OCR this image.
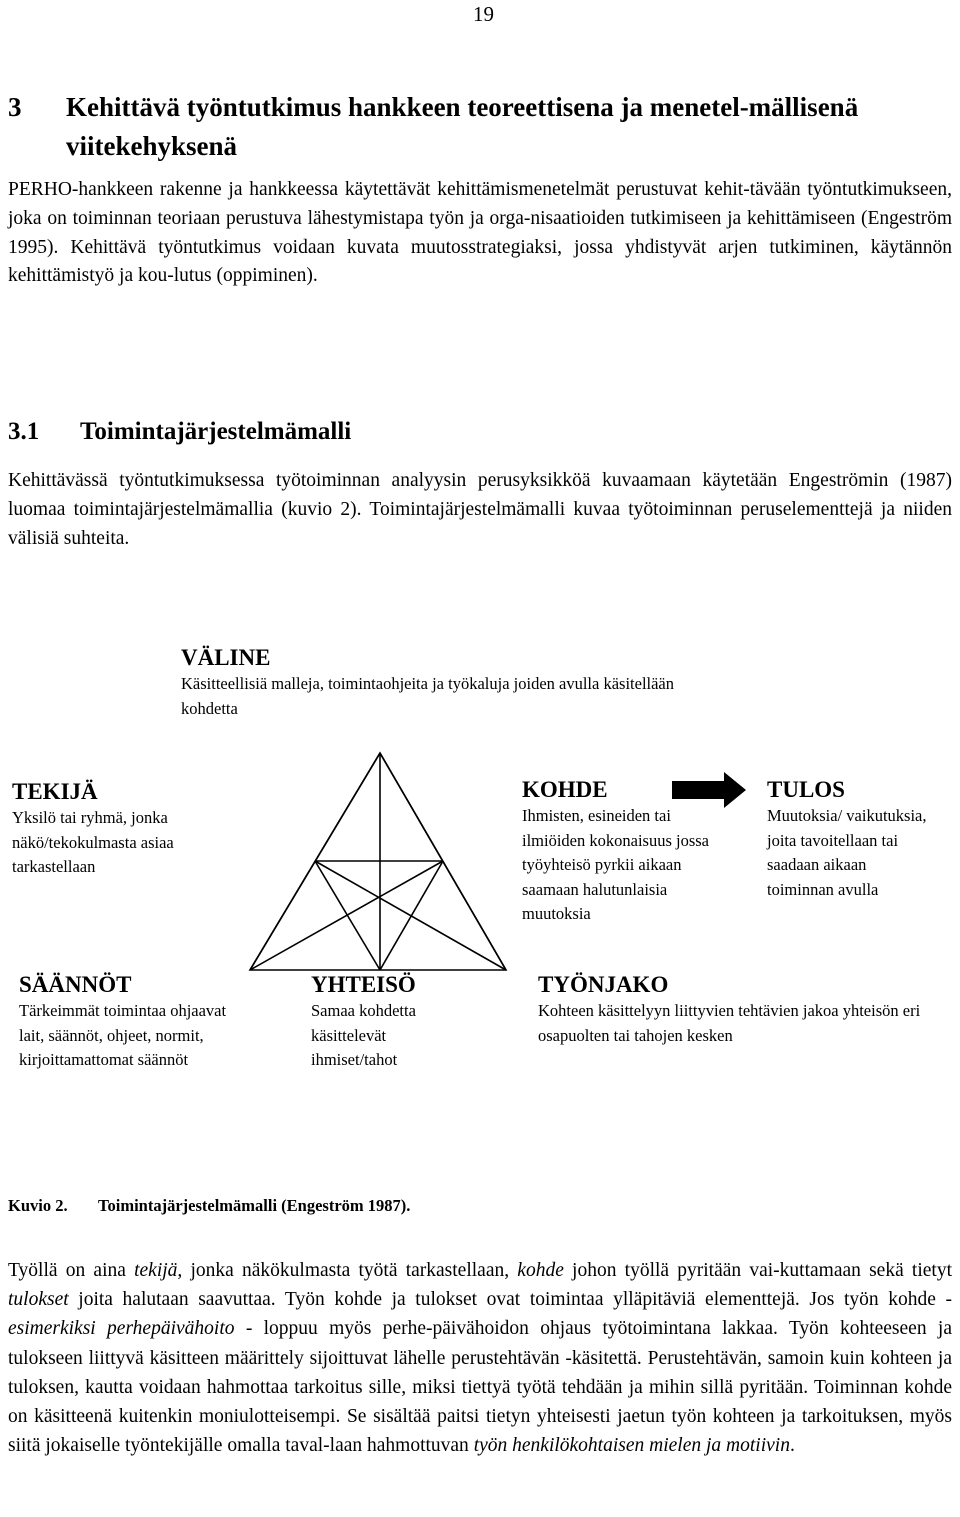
19
3 Kehittävä työntutkimus hankkeen teoreettisena ja menetel-mällisenä viitekehyksenä
PERHO-hankkeen rakenne ja hankkeessa käytettävät kehittämismenetelmät perustuvat kehit-tävään työntutkimukseen, joka on toiminnan teoriaan perustuva lähestymistapa työn ja orga-nisaatioiden tutkimiseen ja kehittämiseen (Engeström 1995). Kehittävä työntutkimus voidaan kuvata muutosstrategiaksi, jossa yhdistyvät arjen tutkiminen, käytännön kehittämistyö ja kou-lutus (oppiminen).
3.1 Toimintajärjestelmämalli
Kehittävässä työntutkimuksessa työtoiminnan analyysin perusyksikköä kuvaamaan käytetään Engeströmin (1987) luomaa toimintajärjestelmämallia (kuvio 2). Toimintajärjestelmämalli kuvaa työtoiminnan peruselementtejä ja niiden välisiä suhteita.
VÄLINE
Käsitteellisiä malleja, toimintaohjeita ja työkaluja joiden avulla käsitellään kohdetta
TEKIJÄ
Yksilö tai ryhmä, jonka näkö/tekokulmasta asiaa tarkastellaan
KOHDE
Ihmisten, esineiden tai ilmiöiden kokonaisuus jossa työyhteisö pyrkii aikaan saamaan halutunlaisia muutoksia
TULOS
Muutoksia/ vaikutuksia, joita tavoitellaan tai saadaan aikaan toiminnan avulla
SÄÄNNÖT
Tärkeimmät toimintaa ohjaavat lait, säännöt, ohjeet, normit, kirjoittamattomat säännöt
YHTEISÖ
Samaa kohdetta käsittelevät ihmiset/tahot
TYÖNJAKO
Kohteen käsittelyyn liittyvien tehtävien jakoa yhteisön eri osapuolten tai tahojen kesken
Kuvio 2. Toimintajärjestelmämalli (Engeström 1987).
Työllä on aina tekijä, jonka näkökulmasta työtä tarkastellaan, kohde johon työllä pyritään vai-kuttamaan sekä tietyt tulokset joita halutaan saavuttaa. Työn kohde ja tulokset ovat toimintaa ylläpitäviä elementtejä. Jos työn kohde - esimerkiksi perhepäivähoito - loppuu myös perhe-päivähoidon ohjaus työtoimintana lakkaa. Työn kohteeseen ja tulokseen liittyvä käsitteen määrittely sijoittuvat lähelle perustehtävän -käsitettä. Perustehtävän, samoin kuin kohteen ja tuloksen, kautta voidaan hahmottaa tarkoitus sille, miksi tiettyä työtä tehdään ja mihin sillä pyritään. Toiminnan kohde on käsitteenä kuitenkin moniulotteisempi. Se sisältää paitsi tietyn yhteisesti jaetun työn kohteen ja tarkoituksen, myös siitä jokaiselle työntekijälle omalla taval-laan hahmottuvan työn henkilökohtaisen mielen ja motiivin.
